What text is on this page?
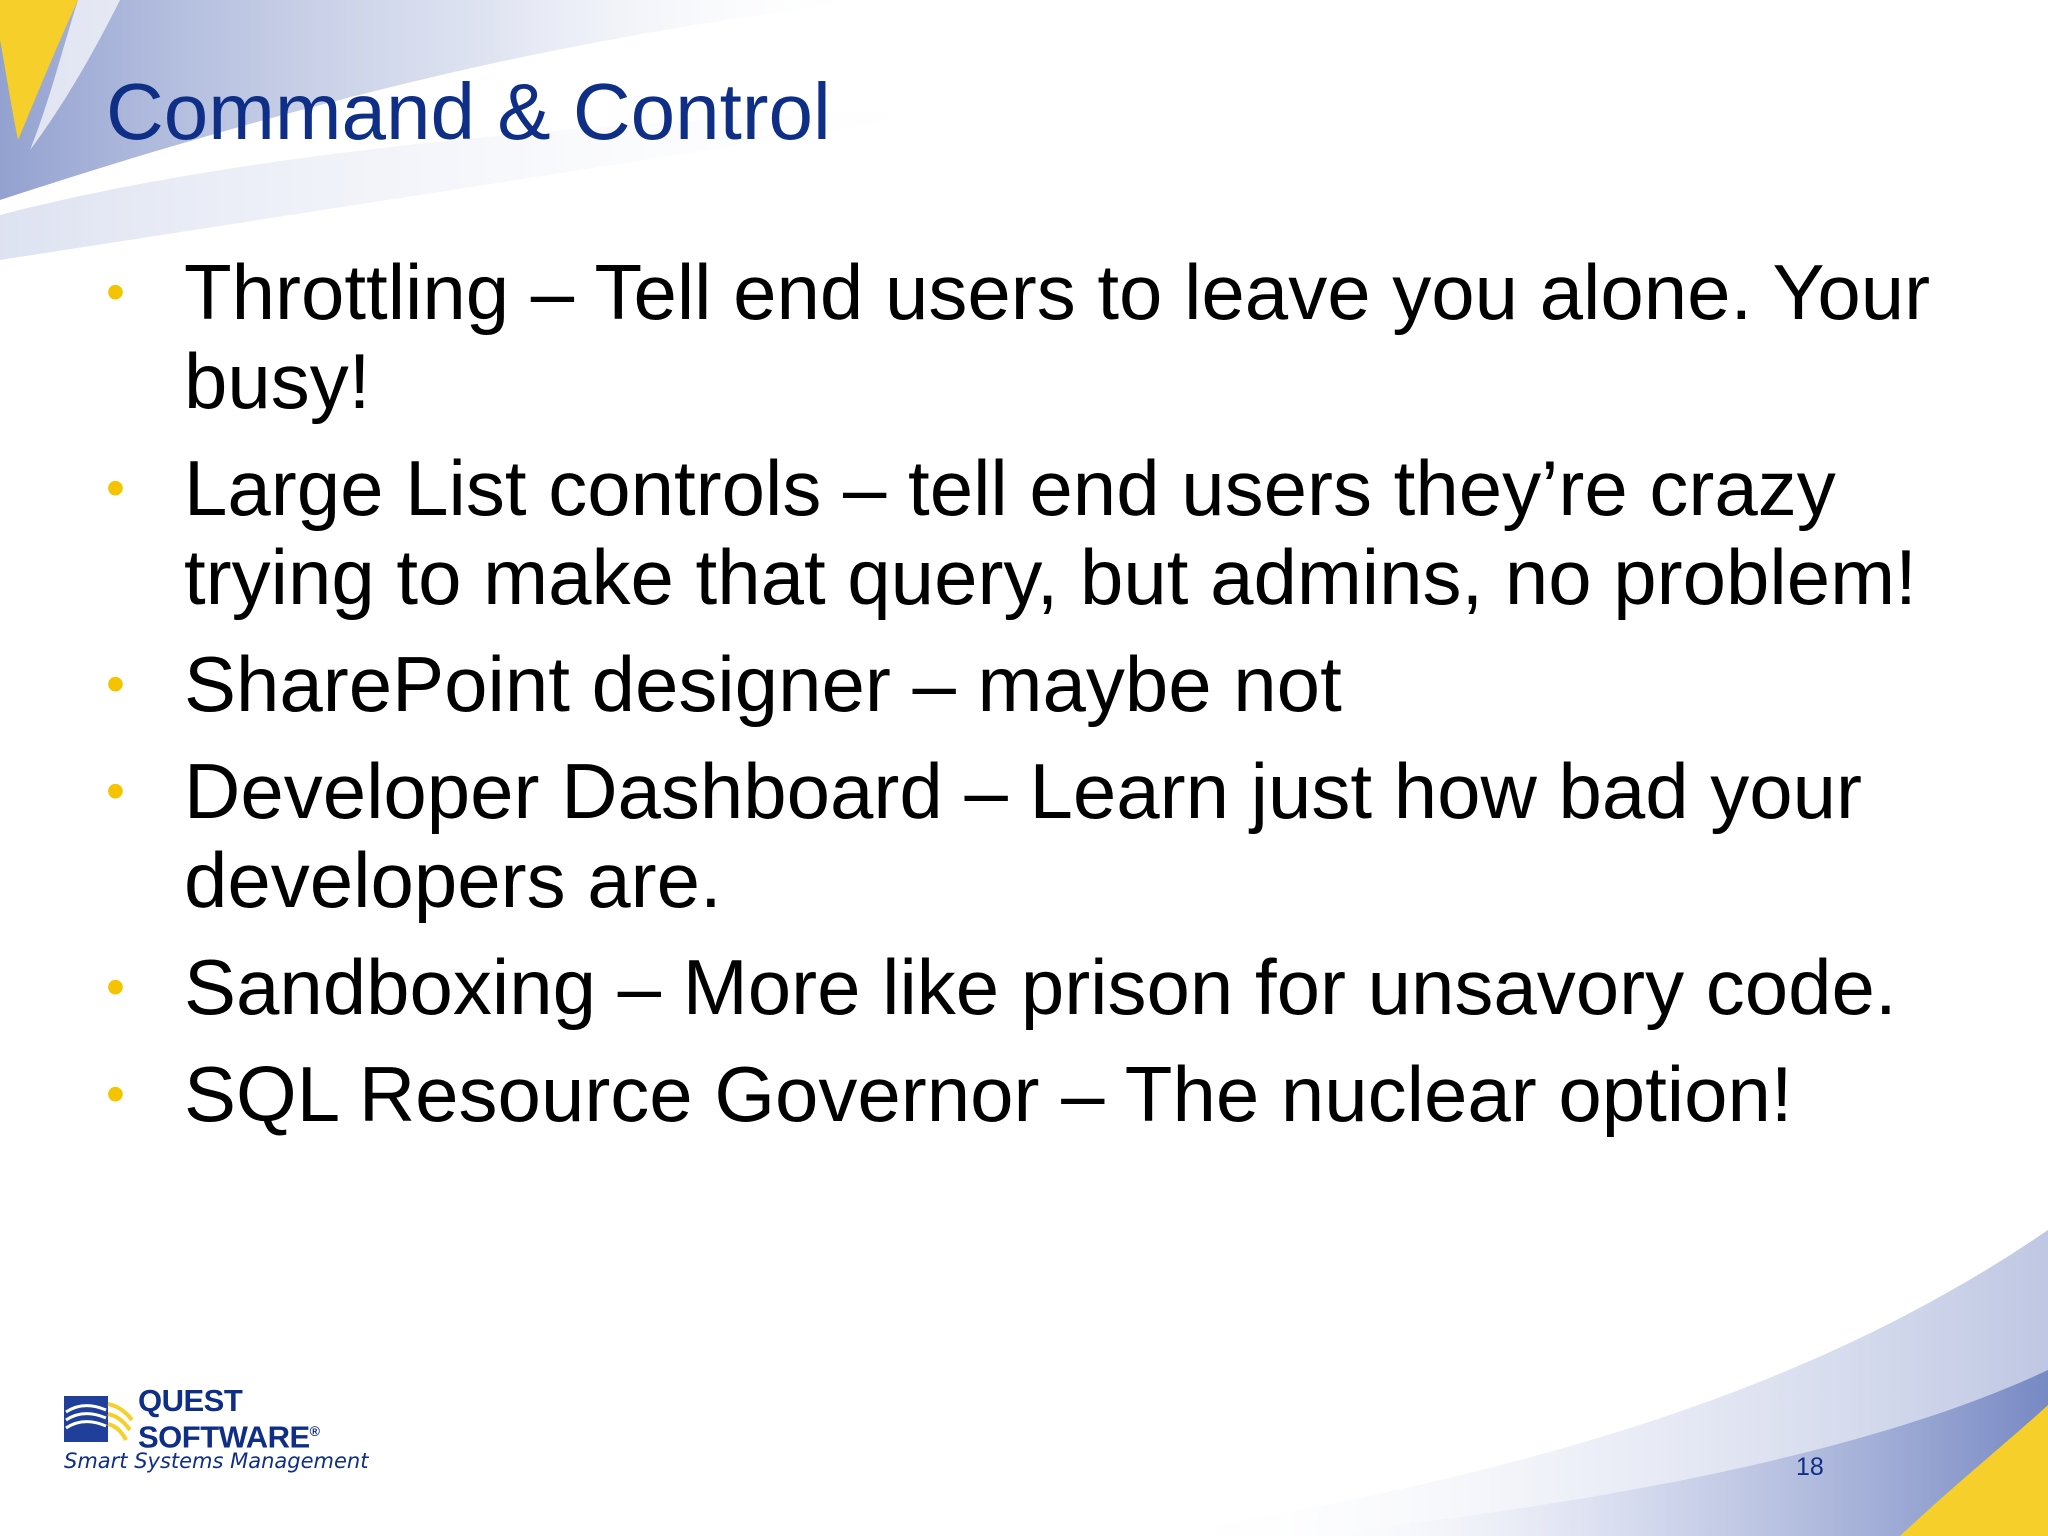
Command & Control
• Throttling – Tell end users to leave you alone. Your busy!
• Large List controls – tell end users they’re crazy trying to make that query, but admins, no problem!
• SharePoint designer – maybe not
• Developer Dashboard – Learn just how bad your developers are.
• Sandboxing – More like prison for unsavory code.
• SQL Resource Governor – The nuclear option!
QUEST
SOFTWARE®
Smart Systems Management	18
